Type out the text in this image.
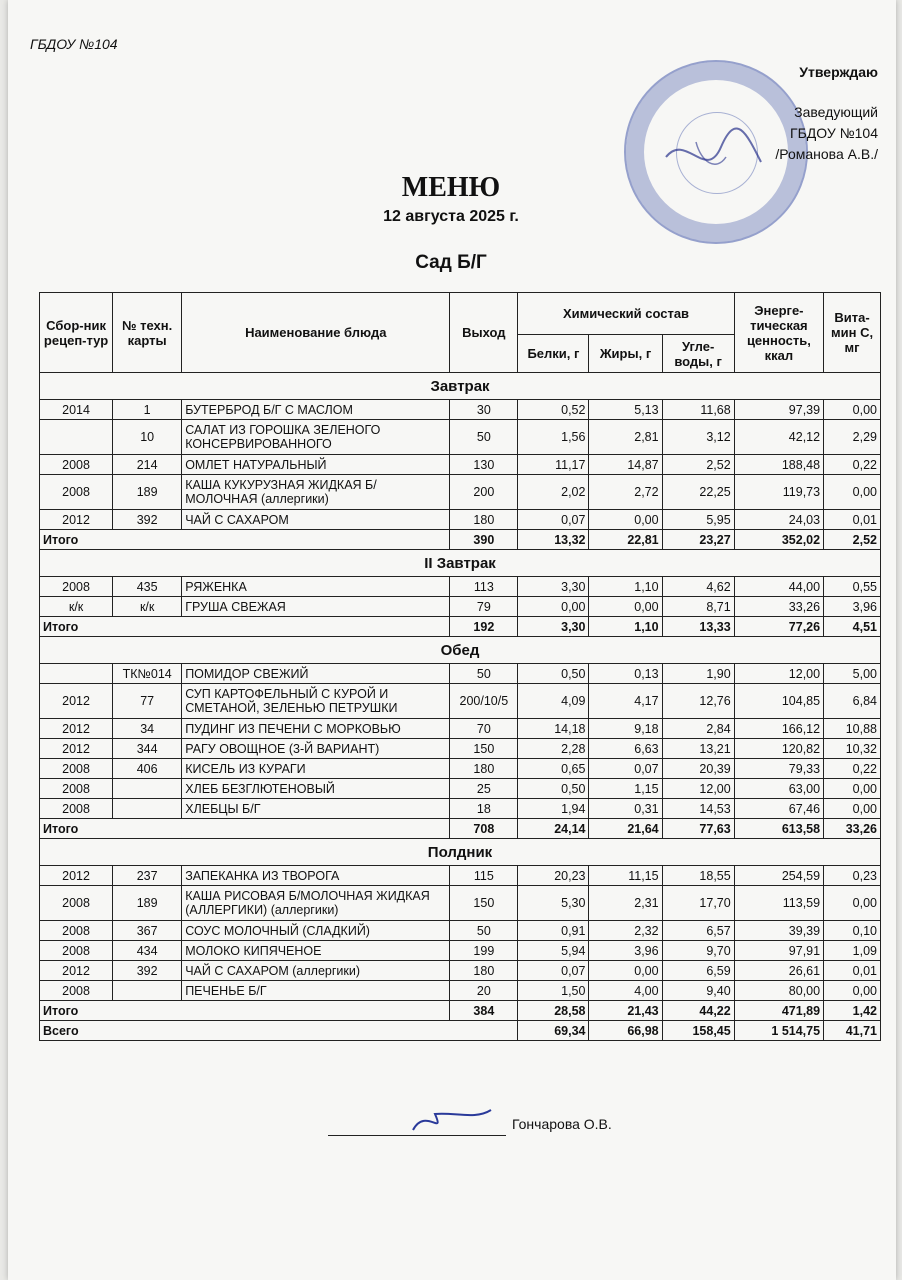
ГБДОУ №104
Утверждаю
Заведующий
ГБДОУ №104
/Романова А.В./
МЕНЮ
12 августа 2025 г.
Сад Б/Г
Сбор-ник рецеп-тур	№ техн. карты	Наименование блюда	Выход	Химический состав			Энерге-тическая ценность, ккал	Вита-мин С, мг
				Белки, г	Жиры, г	Угле-воды, г		
Завтрак								
2014	1	БУТЕРБРОД Б/Г С МАСЛОМ	30	0,52	5,13	11,68	97,39	0,00
	10	САЛАТ ИЗ ГОРОШКА ЗЕЛЕНОГО КОНСЕРВИРОВАННОГО	50	1,56	2,81	3,12	42,12	2,29
2008	214	ОМЛЕТ НАТУРАЛЬНЫЙ	130	11,17	14,87	2,52	188,48	0,22
2008	189	КАША КУКУРУЗНАЯ ЖИДКАЯ Б/МОЛОЧНАЯ (аллергики)	200	2,02	2,72	22,25	119,73	0,00
2012	392	ЧАЙ С САХАРОМ	180	0,07	0,00	5,95	24,03	0,01
Итого			390	13,32	22,81	23,27	352,02	2,52
II Завтрак								
2008	435	РЯЖЕНКА	113	3,30	1,10	4,62	44,00	0,55
к/к	к/к	ГРУША СВЕЖАЯ	79	0,00	0,00	8,71	33,26	3,96
Итого			192	3,30	1,10	13,33	77,26	4,51
Обед								
	ТК№014	ПОМИДОР СВЕЖИЙ	50	0,50	0,13	1,90	12,00	5,00
2012	77	СУП КАРТОФЕЛЬНЫЙ С КУРОЙ И СМЕТАНОЙ, ЗЕЛЕНЬЮ ПЕТРУШКИ	200/10/5	4,09	4,17	12,76	104,85	6,84
2012	34	ПУДИНГ ИЗ ПЕЧЕНИ С МОРКОВЬЮ	70	14,18	9,18	2,84	166,12	10,88
2012	344	РАГУ ОВОЩНОЕ (3-Й ВАРИАНТ)	150	2,28	6,63	13,21	120,82	10,32
2008	406	КИСЕЛЬ ИЗ КУРАГИ	180	0,65	0,07	20,39	79,33	0,22
2008		ХЛЕБ БЕЗГЛЮТЕНОВЫЙ	25	0,50	1,15	12,00	63,00	0,00
2008		ХЛЕБЦЫ Б/Г	18	1,94	0,31	14,53	67,46	0,00
Итого			708	24,14	21,64	77,63	613,58	33,26
Полдник								
2012	237	ЗАПЕКАНКА ИЗ ТВОРОГА	115	20,23	11,15	18,55	254,59	0,23
2008	189	КАША РИСОВАЯ Б/МОЛОЧНАЯ ЖИДКАЯ (АЛЛЕРГИКИ) (аллергики)	150	5,30	2,31	17,70	113,59	0,00
2008	367	СОУС МОЛОЧНЫЙ (СЛАДКИЙ)	50	0,91	2,32	6,57	39,39	0,10
2008	434	МОЛОКО КИПЯЧЕНОЕ	199	5,94	3,96	9,70	97,91	1,09
2012	392	ЧАЙ С САХАРОМ (аллергики)	180	0,07	0,00	6,59	26,61	0,01
2008		ПЕЧЕНЬЕ Б/Г	20	1,50	4,00	9,40	80,00	0,00
Итого			384	28,58	21,43	44,22	471,89	1,42
Всего				69,34	66,98	158,45	1 514,75	41,71
Гончарова О.В.
